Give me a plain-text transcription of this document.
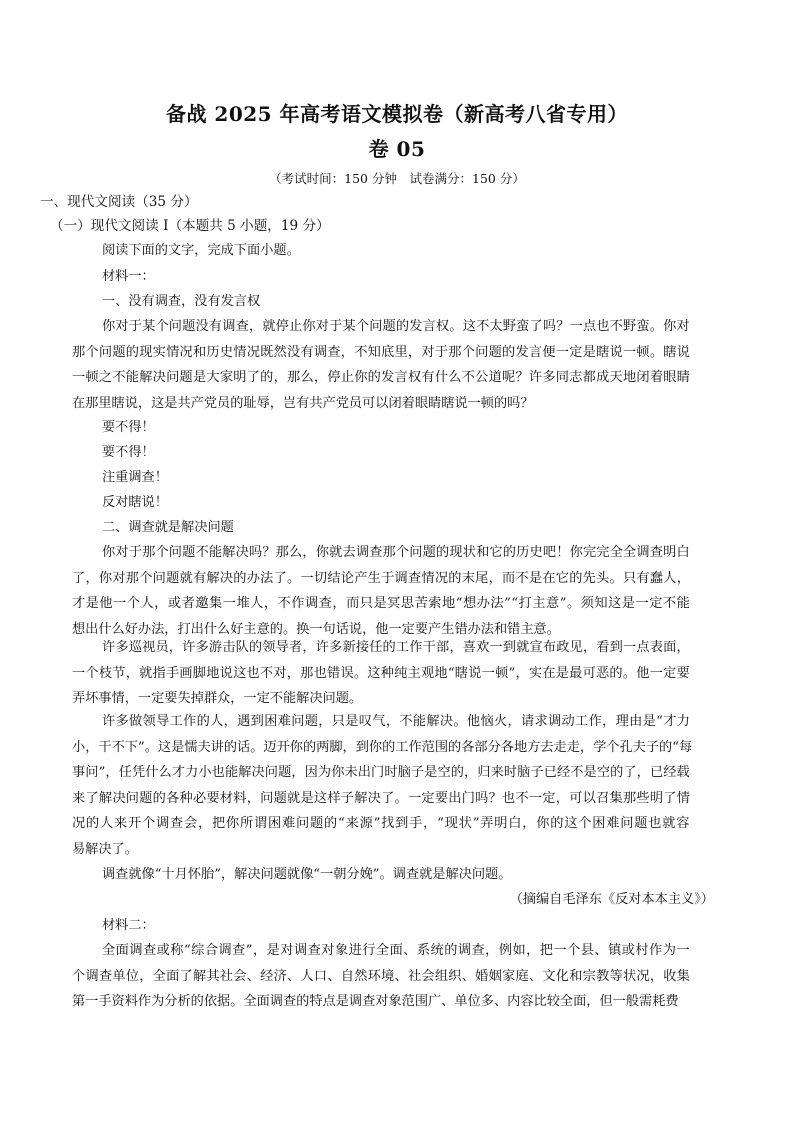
备战 2025 年高考语文模拟卷（新高考八省专用）
卷 05
（考试时间：150 分钟　试卷满分：150 分）
一、现代文阅读（35 分）
（一）现代文阅读 I（本题共 5 小题，19 分）
阅读下面的文字，完成下面小题。
材料一：
一、没有调查，没有发言权
你 对 于 某 个 问 题 没 有 调 查 ， 就 停 止 你 对 于 某 个 问 题 的 发 言 权 。 这 不 太 野 蛮 了 吗 ？ 一 点 也 不 野 蛮 。 你 对
那 个 问 题 的 现 实 情 况 和 历 史 情 况 既 然 没 有 调 查 ， 不 知 底 里 ， 对 于 那 个 问 题 的 发 言 便 一 定 是 瞎 说 一 顿 。 瞎 说
一 顿 之 不 能 解 决 问 题 是 大 家 明 了 的 ， 那 么 ， 停 止 你 的 发 言 权 有 什 么 不 公 道 呢 ？ 许 多 同 志 都 成 天 地 闭 着 眼 睛
在那里瞎说，这是共产党员的耻辱，岂有共产党员可以闭着眼睛瞎说一顿的吗？
要不得！
要不得！
注重调查！
反对瞎说！
二、调查就是解决问题
你 对 于 那 个 问 题 不 能 解 决 吗 ？ 那 么 ， 你 就 去 调 查 那 个 问 题 的 现 状 和 它 的 历 史 吧 ！ 你 完 完 全 全 调 查 明 白
了 ， 你 对 那 个 问 题 就 有 解 决 的 办 法 了 。 一 切 结 论 产 生 于 调 查 情 况 的 末 尾 ， 而 不 是 在 它 的 先 头 。 只 有 蠢 人 ，
才 是 他 一 个 人 ， 或 者 邀 集 一 堆 人 ， 不 作 调 查 ， 而 只 是 冥 思 苦 索 地 “ 想 办 法 ” “ 打 主 意 ” 。 须 知 这 是 一 定 不 能
想出什么好办法，打出什么好主意的。换一句话说，他一定要产生错办法和错主意。
许 多 巡 视 员 ， 许 多 游 击 队 的 领 导 者 ， 许 多 新 接 任 的 工 作 干 部 ， 喜 欢 一 到 就 宣 布 政 见 ， 看 到 一 点 表 面 ，
一 个 枝 节 ， 就 指 手 画 脚 地 说 这 也 不 对 ， 那 也 错 误 。 这 种 纯 主 观 地 “ 瞎 说 一 顿 ” ， 实 在 是 最 可 恶 的 。 他 一 定 要
弄坏事情，一定要失掉群众，一定不能解决问题。
许 多 做 领 导 工 作 的 人 ， 遇 到 困 难 问 题 ， 只 是 叹 气 ， 不 能 解 决 。 他 恼 火 ， 请 求 调 动 工 作 ， 理 由 是 “ 才 力
小 ， 干 不 下 ” 。 这 是 懦 夫 讲 的 话 。 迈 开 你 的 两 脚 ， 到 你 的 工 作 范 围 的 各 部 分 各 地 方 去 走 走 ， 学 个 孔 夫 子 的 “ 每
事 问 ” ， 任 凭 什 么 才 力 小 也 能 解 决 问 题 ， 因 为 你 未 出 门 时 脑 子 是 空 的 ， 归 来 时 脑 子 已 经 不 是 空 的 了 ， 已 经 载
来 了 解 决 问 题 的 各 种 必 要 材 料 ， 问 题 就 是 这 样 子 解 决 了 。 一 定 要 出 门 吗 ？ 也 不 一 定 ， 可 以 召 集 那 些 明 了 情
况 的 人 来 开 个 调 查 会 ， 把 你 所 谓 困 难 问 题 的 “ 来 源 ” 找 到 手 ， “ 现 状 ” 弄 明 白 ， 你 的 这 个 困 难 问 题 也 就 容
易解决了。
调查就像“十月怀胎”，解决问题就像“一朝分娩”。调查就是解决问题。
（摘编自毛泽东《反对本本主义》）
材料二：
全 面 调 查 或 称 “ 综 合 调 查 ” ， 是 对 调 查 对 象 进 行 全 面 、 系 统 的 调 查 ， 例 如 ， 把 一 个 县 、 镇 或 村 作 为 一
个 调 查 单 位 ， 全 面 了 解 其 社 会 、 经 济 、 人 口 、 自 然 环 境 、 社 会 组 织 、 婚 姻 家 庭 、 文 化 和 宗 教 等 状 况 ， 收 集
第一手资料作为分析的依据。全面调查的特点是调查对象范围广、单位多、内容比较全面，但一般需耗费
